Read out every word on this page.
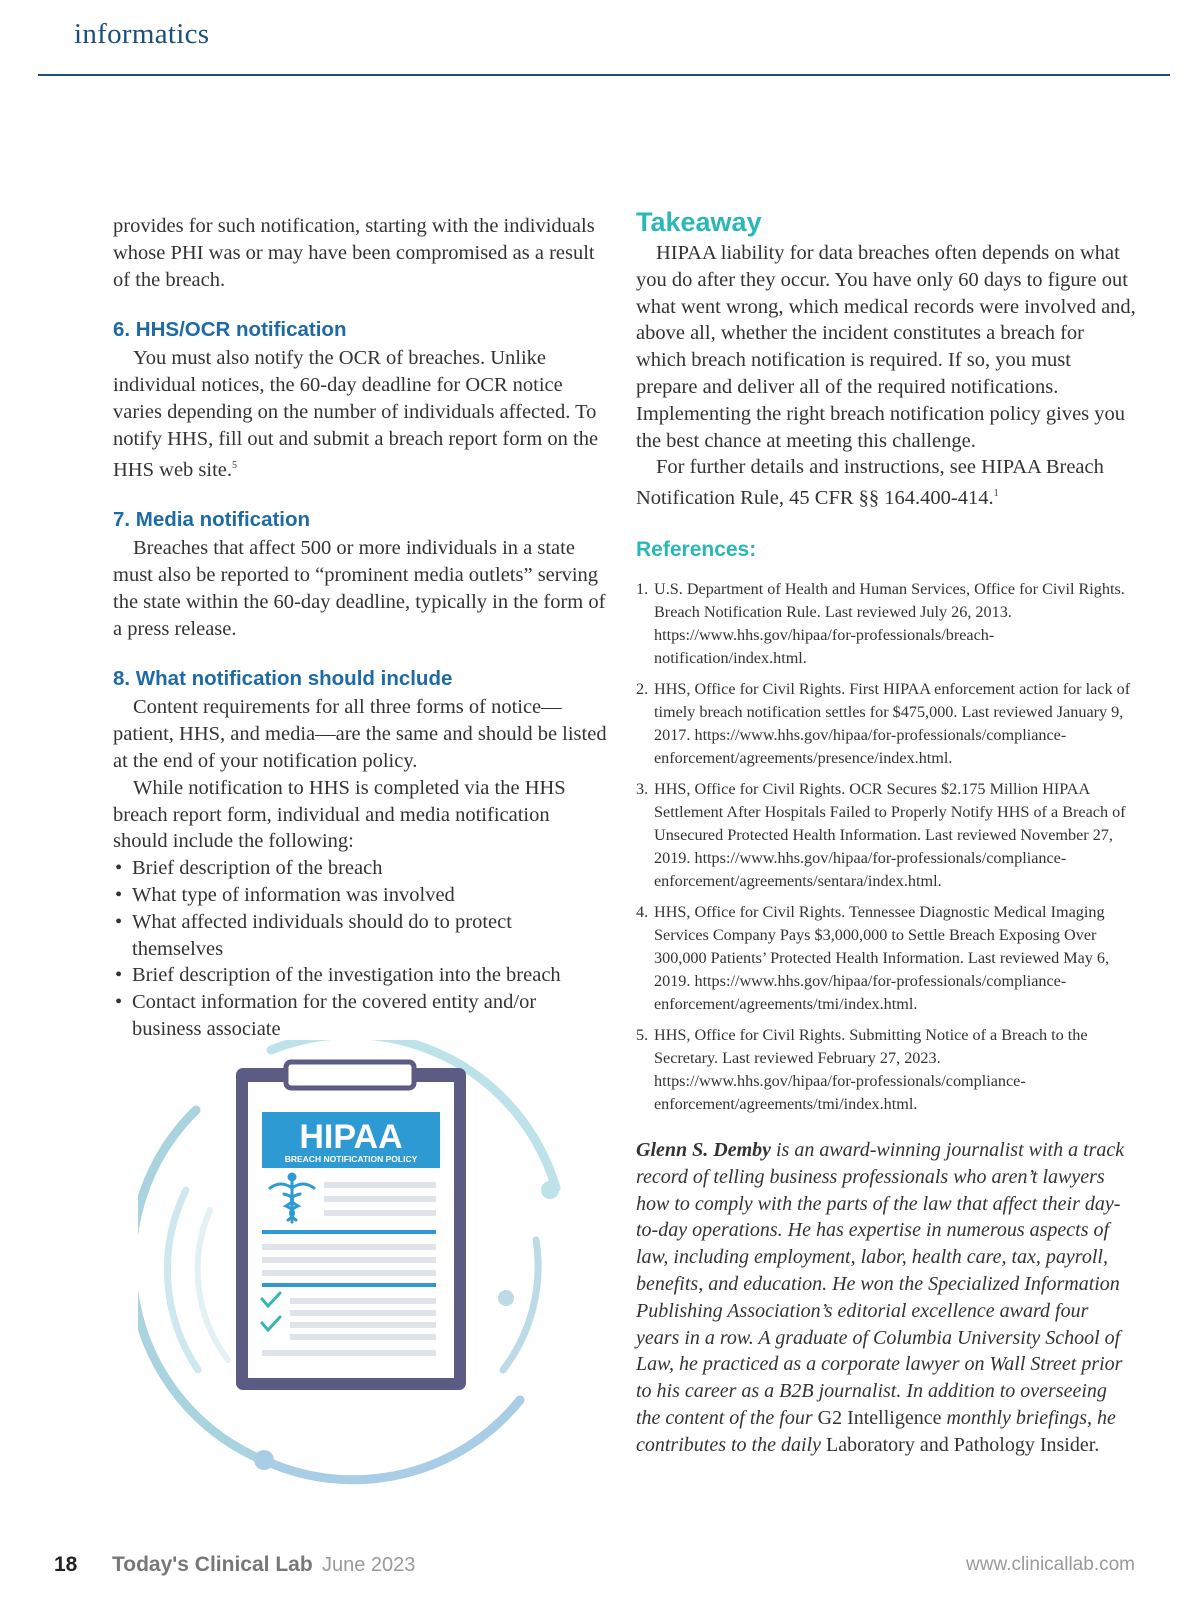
informatics

provides for such notification, starting with the individuals whose PHI was or may have been compromised as a result of the breach.

6. HHS/OCR notification

You must also notify the OCR of breaches. Unlike individual notices, the 60-day deadline for OCR notice varies depending on the number of individuals affected. To notify HHS, fill out and submit a breach report form on the HHS web site.$^5$

7. Media notification

Breaches that affect 500 or more individuals in a state must also be reported to “prominent media outlets” serving the state within the 60-day deadline, typically in the form of a press release.

8. What notification should include

Content requirements for all three forms of notice—patient, HHS, and media—are the same and should be listed at the end of your notification policy.

While notification to HHS is completed via the HHS breach report form, individual and media notification should include the following:

• Brief description of the breach
• What type of information was involved
• What affected individuals should do to protect themselves
• Brief description of the investigation into the breach
• Contact information for the covered entity and/or business associate
HIPAA
BREACH NOTIFICATION POLICY
Takeaway

HIPAA liability for data breaches often depends on what you do after they occur. You have only 60 days to figure out what went wrong, which medical records were involved and, above all, whether the incident constitutes a breach for which breach notification is required. If so, you must prepare and deliver all of the required notifications. Implementing the right breach notification policy gives you the best chance at meeting this challenge.

For further details and instructions, see HIPAA Breach Notification Rule, 45 CFR §§ 164.400-414.$^1$

References:
1. U.S. Department of Health and Human Services, Office for Civil Rights. Breach Notification Rule. Last reviewed July 26, 2013. https://www.hhs.gov/hipaa/for-professionals/breach-notification/index.html.
2. HHS, Office for Civil Rights. First HIPAA enforcement action for lack of timely breach notification settles for $475,000. Last reviewed January 9, 2017. https://www.hhs.gov/hipaa/for-professionals/compliance-enforcement/agreements/presence/index.html.
3. HHS, Office for Civil Rights. OCR Secures $2.175 Million HIPAA Settlement After Hospitals Failed to Properly Notify HHS of a Breach of Unsecured Protected Health Information. Last reviewed November 27, 2019. https://www.hhs.gov/hipaa/for-professionals/compliance-enforcement/agreements/sentara/index.html.
4. HHS, Office for Civil Rights. Tennessee Diagnostic Medical Imaging Services Company Pays $3,000,000 to Settle Breach Exposing Over 300,000 Patients’ Protected Health Information. Last reviewed May 6, 2019. https://www.hhs.gov/hipaa/for-professionals/compliance-enforcement/agreements/tmi/index.html.
5. HHS, Office for Civil Rights. Submitting Notice of a Breach to the Secretary. Last reviewed February 27, 2023. https://www.hhs.gov/hipaa/for-professionals/compliance-enforcement/agreements/tmi/index.html.

Glenn S. Demby is an award-winning journalist with a track record of telling business professionals who aren’t lawyers how to comply with the parts of the law that affect their day-to-day operations. He has expertise in numerous aspects of law, including employment, labor, health care, tax, payroll, benefits, and education. He won the Specialized Information Publishing Association’s editorial excellence award four years in a row. A graduate of Columbia University School of Law, he practiced as a corporate lawyer on Wall Street prior to his career as a B2B journalist. In addition to overseeing the content of the four G2 Intelligence monthly briefings, he contributes to the daily Laboratory and Pathology Insider.

18 Today's Clinical Lab June 2023	www.clinicallab.com
